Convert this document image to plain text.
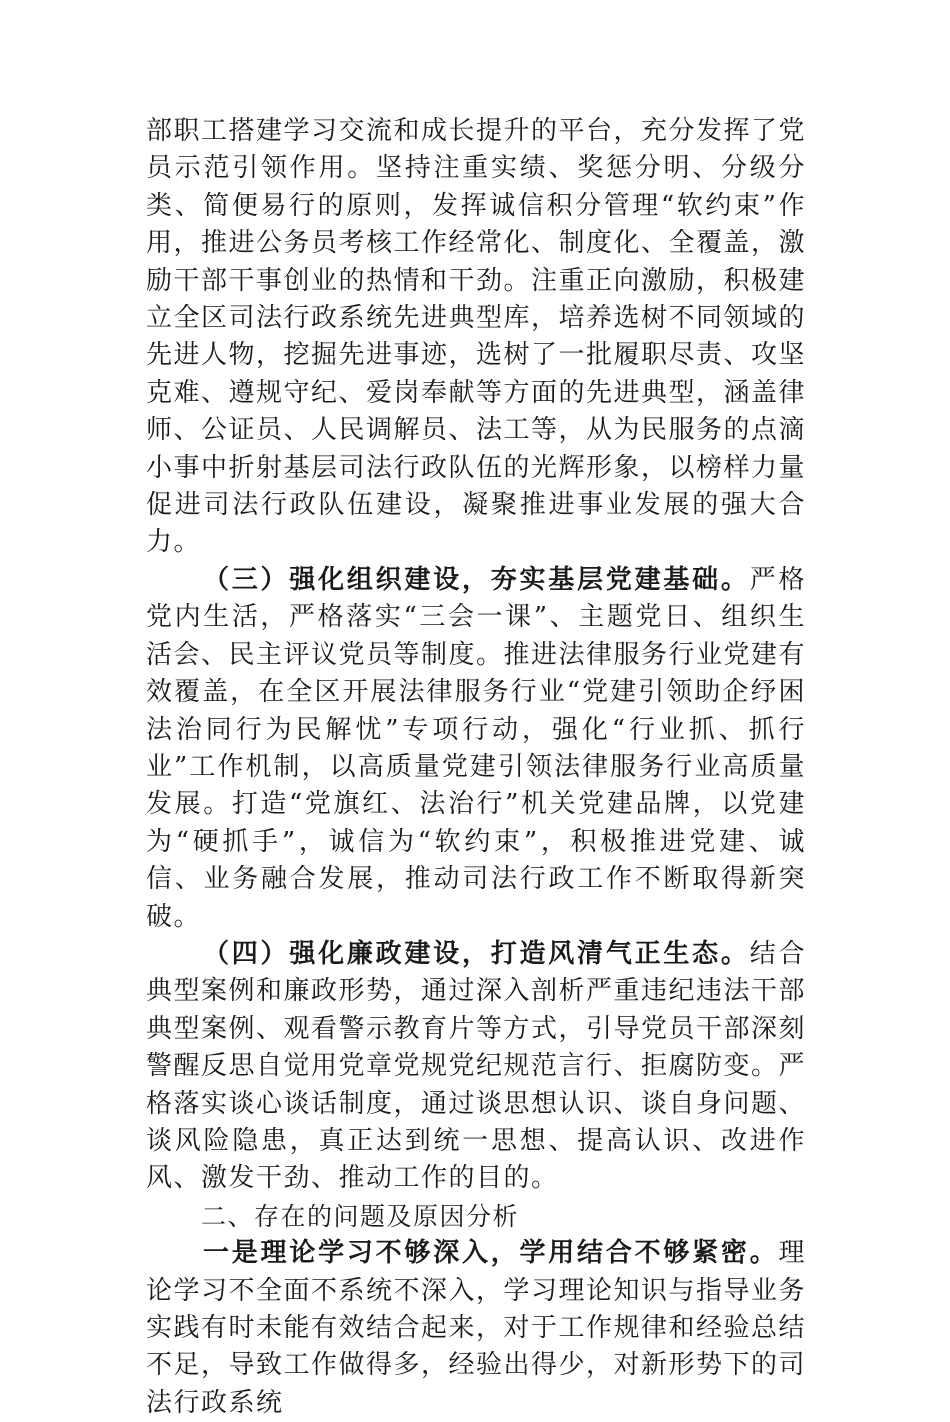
部职工搭建学习交流和成长提升的平台，充分发挥了党员示范引领作用。坚持注重实绩、奖惩分明、分级分类、简便易行的原则，发挥诚信积分管理“软约束”作用，推进公务员考核工作经常化、制度化、全覆盖，激励干部干事创业的热情和干劲。注重正向激励，积极建立全区司法行政系统先进典型库，培养选树不同领域的先进人物，挖掘先进事迹，选树了一批履职尽责、攻坚克难、遵规守纪、爱岗奉献等方面的先进典型，涵盖律师、公证员、人民调解员、法工等，从为民服务的点滴小事中折射基层司法行政队伍的光辉形象，以榜样力量促进司法行政队伍建设，凝聚推进事业发展的强大合力。

（三）强化组织建设，夯实基层党建基础。严格党内生活，严格落实“三会一课”、主题党日、组织生活会、民主评议党员等制度。推进法律服务行业党建有效覆盖，在全区开展法律服务行业“党建引领助企纾困法治同行为民解忧”专项行动，强化“行业抓、抓行业”工作机制，以高质量党建引领法律服务行业高质量发展。打造“党旗红、法治行”机关党建品牌，以党建为“硬抓手”，诚信为“软约束”，积极推进党建、诚信、业务融合发展，推动司法行政工作不断取得新突破。

（四）强化廉政建设，打造风清气正生态。结合典型案例和廉政形势，通过深入剖析严重违纪违法干部典型案例、观看警示教育片等方式，引导党员干部深刻警醒反思自觉用党章党规党纪规范言行、拒腐防变。严格落实谈心谈话制度，通过谈思想认识、谈自身问题、谈风险隐患，真正达到统一思想、提高认识、改进作风、激发干劲、推动工作的目的。

二、存在的问题及原因分析

一是理论学习不够深入，学用结合不够紧密。理论学习不全面不系统不深入，学习理论知识与指导业务实践有时未能有效结合起来，对于工作规律和经验总结不足，导致工作做得多，经验出得少，对新形势下的司法行政系统
